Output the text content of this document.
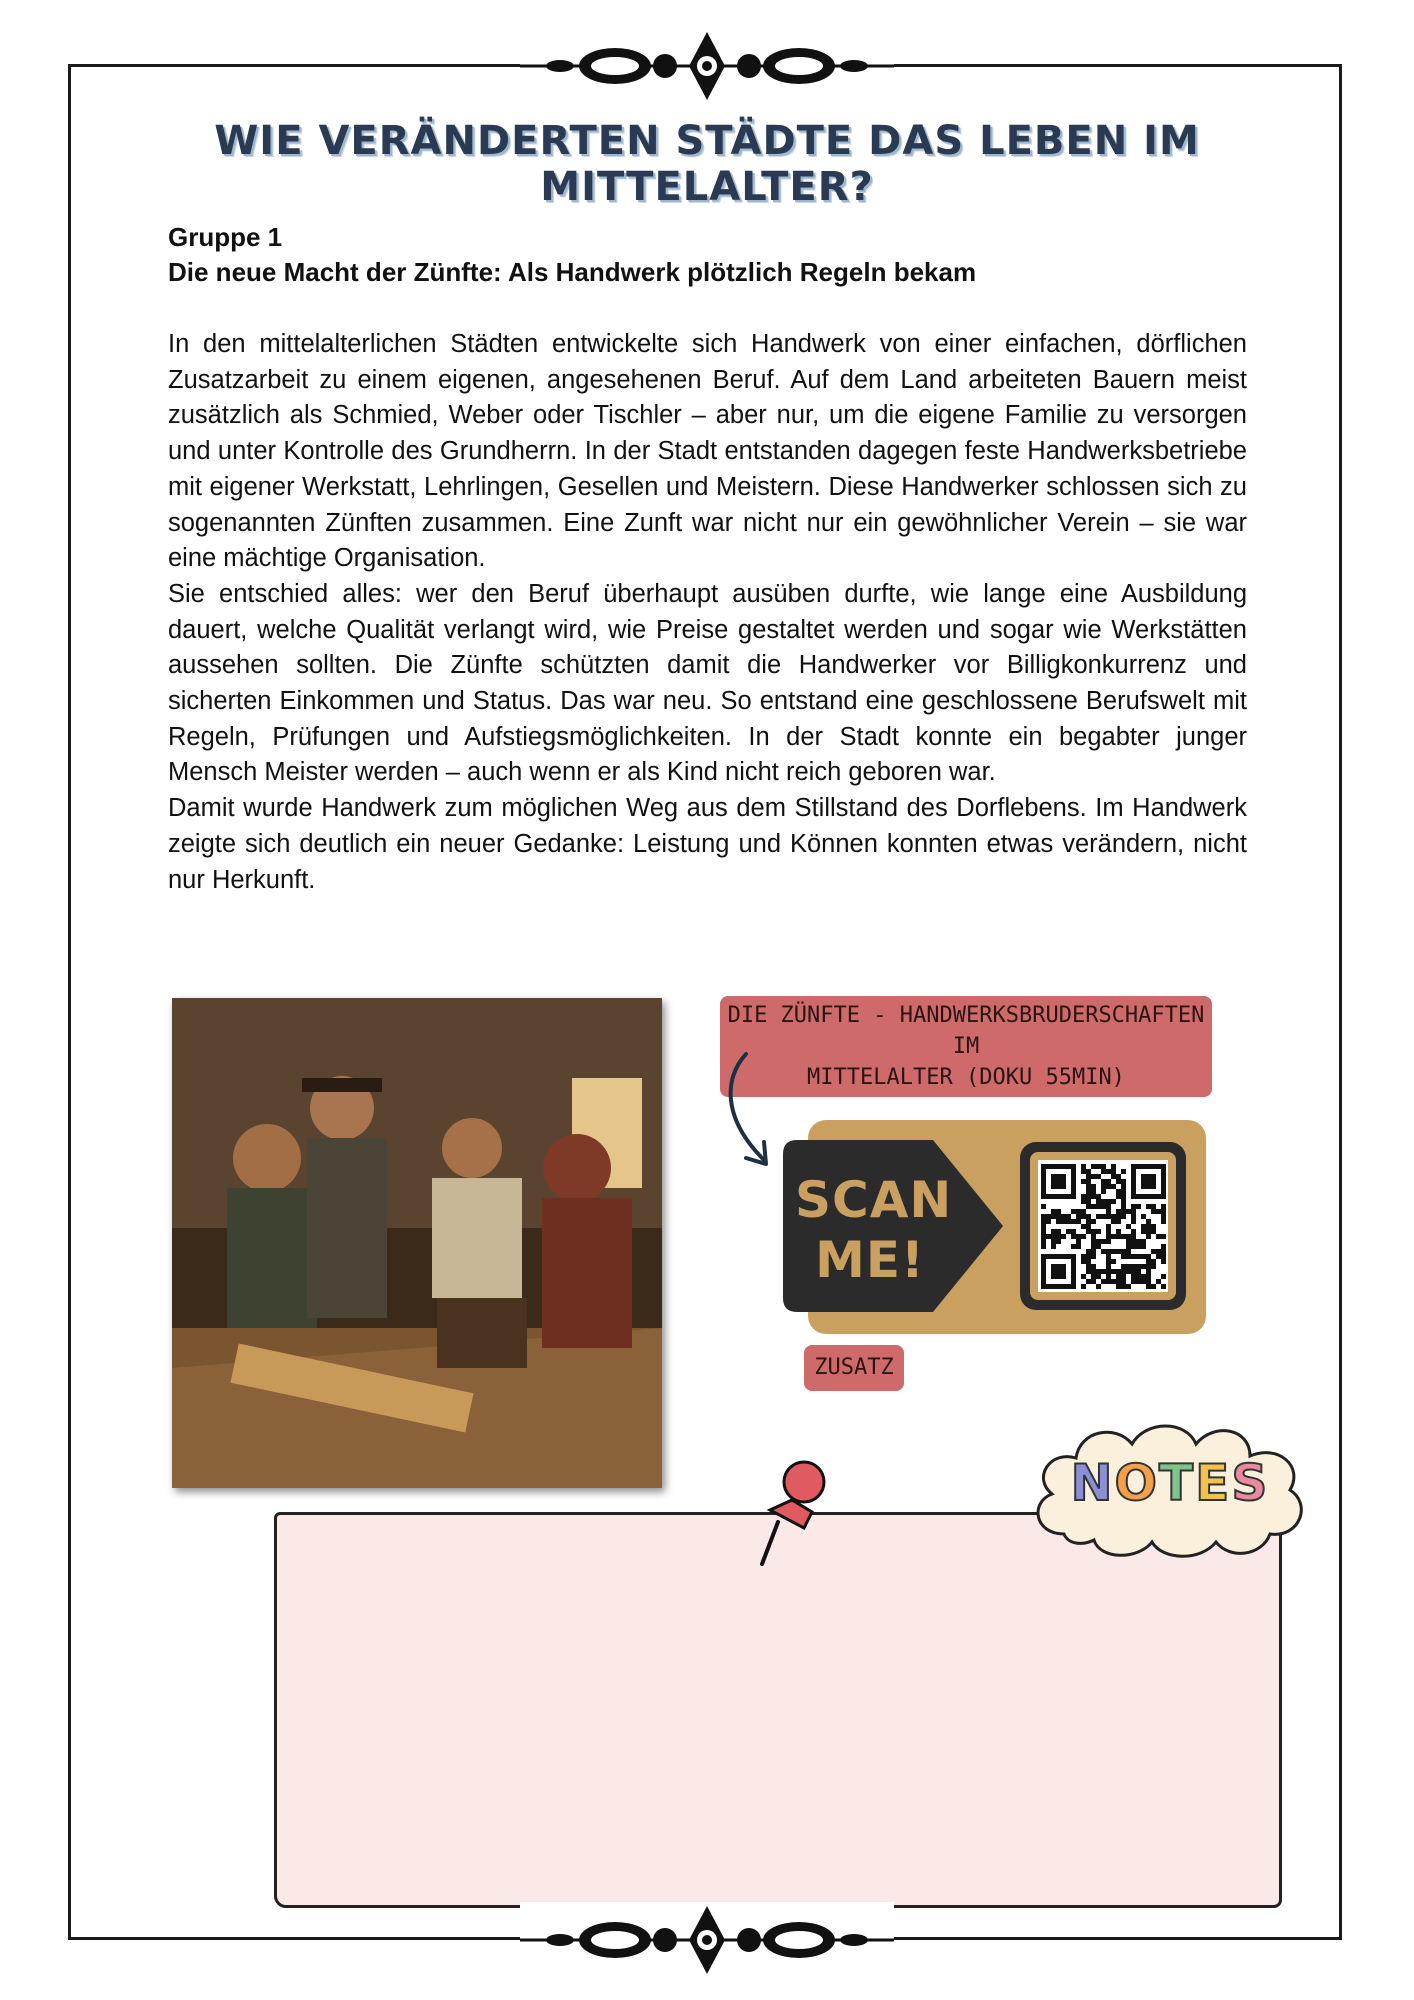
WIE VERÄNDERTEN STÄDTE DAS LEBEN IM MITTELALTER?
Gruppe 1
Die neue Macht der Zünfte: Als Handwerk plötzlich Regeln bekam

In den mittelalterlichen Städten entwickelte sich Handwerk von einer einfachen, dörflichen Zusatzarbeit zu einem eigenen, angesehenen Beruf. Auf dem Land arbeiteten Bauern meist zusätzlich als Schmied, Weber oder Tischler – aber nur, um die eigene Familie zu versorgen und unter Kontrolle des Grundherrn. In der Stadt entstanden dagegen feste Handwerksbetriebe mit eigener Werkstatt, Lehrlingen, Gesellen und Meistern. Diese Handwerker schlossen sich zu sogenannten Zünften zusammen. Eine Zunft war nicht nur ein gewöhnlicher Verein – sie war eine mächtige Organisation.

Sie entschied alles: wer den Beruf überhaupt ausüben durfte, wie lange eine Ausbildung dauert, welche Qualität verlangt wird, wie Preise gestaltet werden und sogar wie Werkstätten aussehen sollten. Die Zünfte schützten damit die Handwerker vor Billigkonkurrenz und sicherten Einkommen und Status. Das war neu. So entstand eine geschlossene Berufswelt mit Regeln, Prüfungen und Aufstiegsmöglichkeiten. In der Stadt konnte ein begabter junger Mensch Meister werden – auch wenn er als Kind nicht reich geboren war.

Damit wurde Handwerk zum möglichen Weg aus dem Stillstand des Dorflebens. Im Handwerk zeigte sich deutlich ein neuer Gedanke: Leistung und Können konnten etwas verändern, nicht nur Herkunft.

DIE ZÜNFTE - HANDWERKSBRUDERSCHAFTEN IM
MITTELALTER (DOKU 55MIN)
SCAN
ME!
ZUSATZ
NOTES
